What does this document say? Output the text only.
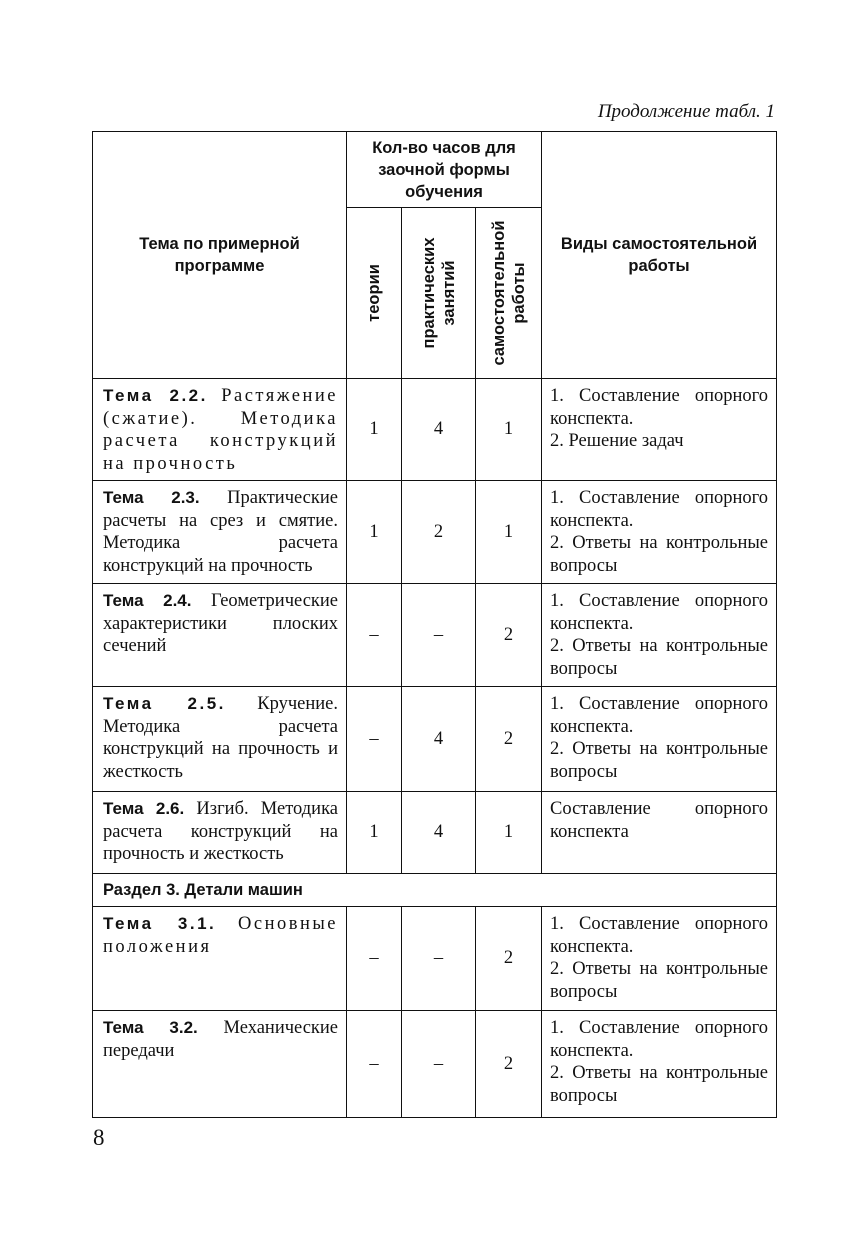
Продолжение табл. 1
Тема по примерной программе	Кол-во часов для заочной формы обучения			Виды самостоятельной работы

	теории	практических занятий	самостоятельной работы	

Тема 2.2. Растяжение (сжатие). Методика расчета конструкций на прочность	1	4	1	1. Составление опорного конспекта.
2. Решение задач

Тема 2.3. Практические расчеты на срез и смятие. Методика расчета конструкций на прочность	1	2	1	1. Составление опорного конспекта.
2. Ответы на контрольные вопросы

Тема 2.4. Геометрические характеристики плоских сечений	–	–	2	1. Составление опорного конспекта.
2. Ответы на контрольные вопросы

Тема 2.5. Кручение. Методика расчета конструкций на прочность и жесткость	–	4	2	1. Составление опорного конспекта.
2. Ответы на контрольные вопросы

Тема 2.6. Изгиб. Методика расчета конструкций на прочность и жесткость	1	4	1	Составление опорного конспекта

Раздел 3. Детали машин				
Тема 3.1. Основные положения	–	–	2	1. Составление опорного конспекта.
2. Ответы на контрольные вопросы

Тема 3.2. Механические передачи	–	–	2	1. Составление опорного конспекта.
2. Ответы на контрольные вопросы
8
